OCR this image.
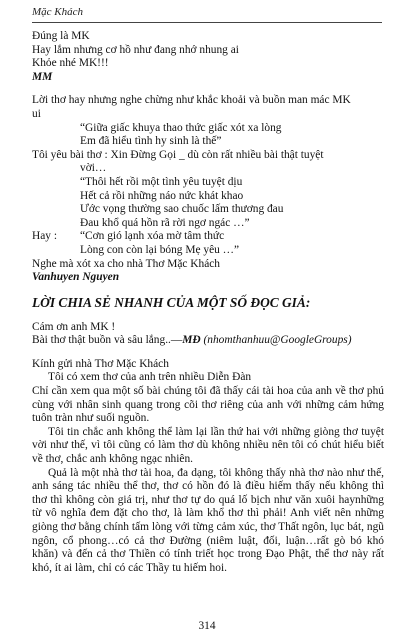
Mặc Khách
Đúng là MK
Hay lắm nhưng cơ hồ như đang nhớ nhung ai
Khỏe nhé MK!!!
MM
Lời thơ hay nhưng nghe chừng như khắc khoải và buồn man mác MK
ui
“Giữa giấc khuya thao thức giấc xót xa lòng
Em đã hiểu tình hy sinh là thế”
Tôi yêu bài thơ : Xin Đừng Gọi _ dù còn rất nhiều bài thật tuyệt
vời…
“Thôi hết rồi một tình yêu tuyệt dịu
Hết cả rồi những náo nức khát khao
Ước vọng thường sao chuốc lấm thương đau
Đau khổ quá hồn rã rời ngơ ngác …”
Hay : “Cơn gió lạnh xóa mờ tâm thức
Lòng con còn lại bóng Mẹ yêu …”
Nghe mà xót xa cho nhà Thơ Mặc Khách
Vanhuyen Nguyen
LỜI CHIA SẺ NHANH CỦA MỘT SỐ ĐỌC GIẢ:
Cám ơn anh MK !
Bài thơ thật buồn và sâu lắng..—MĐ (nhomthanhuu@GoogleGroups)
Kính gửi nhà Thơ Mặc Khách
Tôi có xem thơ của anh trên nhiều Diễn Đàn
Chỉ cần xem qua một số bài chúng tôi đã thấy cái tài hoa của anh về thơ phú cùng với nhân sinh quang trong cõi thơ riêng của anh với những cảm hứng tuôn tràn như suối nguồn.
Tôi tin chắc anh không thể làm lại lần thứ hai với những giòng thơ tuyệt vời như thế, vì tôi cũng có làm thơ dù không nhiều nên tôi có chút hiểu biết về thơ, chắc anh không ngạc nhiên.
Quả là một nhà thơ tài hoa, đa dạng, tôi không thấy nhà thơ nào như thế, anh sáng tác nhiều thể thơ, thơ có hồn đó là điều hiếm thấy nếu không thì thơ thì không còn giá trị, như thơ tự do quá lố bịch như văn xuôi haynhững từ vô nghĩa đem đặt cho thơ, là làm khổ thơ thì phải! Anh viết nên những giòng thơ bằng chính tấm lòng với từng cảm xúc, thơ Thất ngôn, lục bát, ngũ ngôn, cổ phong…có cả thơ Đường (niêm luật, đối, luận…rất gò bó khó khăn) và đến cả thơ Thiền có tính triết học trong Đạo Phật, thể thơ này rất khó, ít ai làm, chỉ có các Thầy tu hiếm hoi.
314
